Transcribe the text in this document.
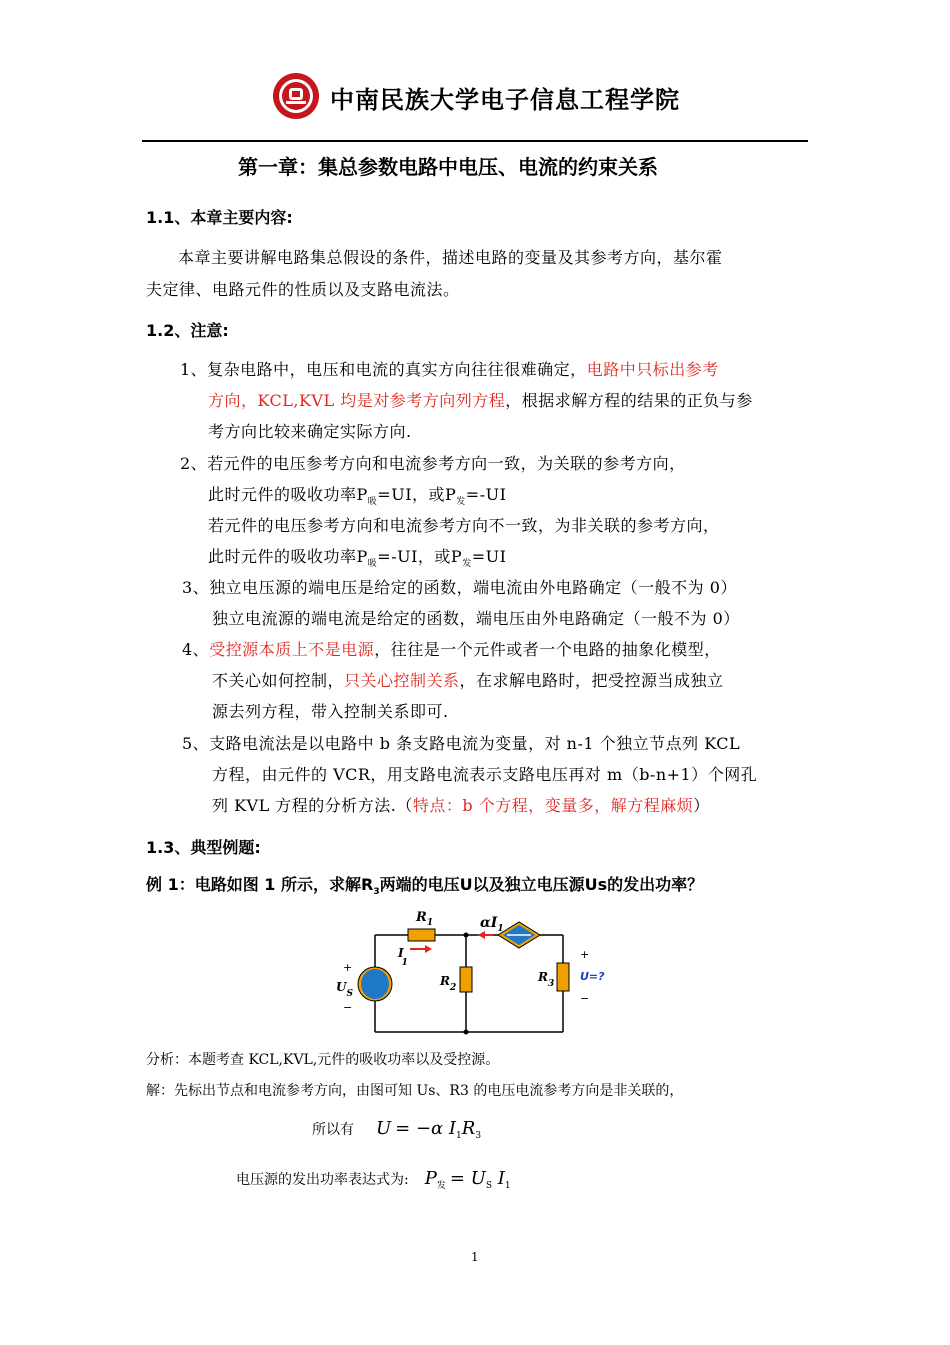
中南民族大学电子信息工程学院
第一章：集总参数电路中电压、电流的约束关系
1.1、本章主要内容:
本章主要讲解电路集总假设的条件，描述电路的变量及其参考方向，基尔霍
夫定律、电路元件的性质以及支路电流法。
1.2、注意:
1、复杂电路中，电压和电流的真实方向往往很难确定，电路中只标出参考
方向，KCL,KVL 均是对参考方向列方程，根据求解方程的结果的正负与参
考方向比较来确定实际方向.
2、若元件的电压参考方向和电流参考方向一致，为关联的参考方向，
此时元件的吸收功率$P_吸=UI$，或$P_发=-UI$
若元件的电压参考方向和电流参考方向不一致，为非关联的参考方向，
此时元件的吸收功率$P_吸=-UI$，或$P_发=UI$
3、独立电压源的端电压是给定的函数，端电流由外电路确定（一般不为 0）
独立电流源的端电流是给定的函数，端电压由外电路确定（一般不为 0）
4、受控源本质上不是电源，往往是一个元件或者一个电路的抽象化模型，
不关心如何控制，只关心控制关系，在求解电路时，把受控源当成独立
源去列方程，带入控制关系即可.
5、支路电流法是以电路中 b 条支路电流为变量，对 n-1 个独立节点列 KCL
方程，由元件的 VCR，用支路电流表示支路电压再对 m（b-n+1）个网孔
列 KVL 方程的分析方法.（特点：b 个方程，变量多，解方程麻烦）
1.3、典型例题:
例 1：电路如图 1 所示，求解$R_3$两端的电压U以及独立电压源Us的发出功率？
$R_1$
I 1
$\alpha I_1$
$R_2$
$R_3$
$U_S$
+
−
+
U=?
−
分析：本题考查 KCL,KVL,元件的吸收功率以及受控源。
解：先标出节点和电流参考方向，由图可知 Us、R3 的电压电流参考方向是非关联的，
所以有 U = −α $I_1R_3$
电压源的发出功率表达式为: $P_发 = U_S$ $I_1$
1
